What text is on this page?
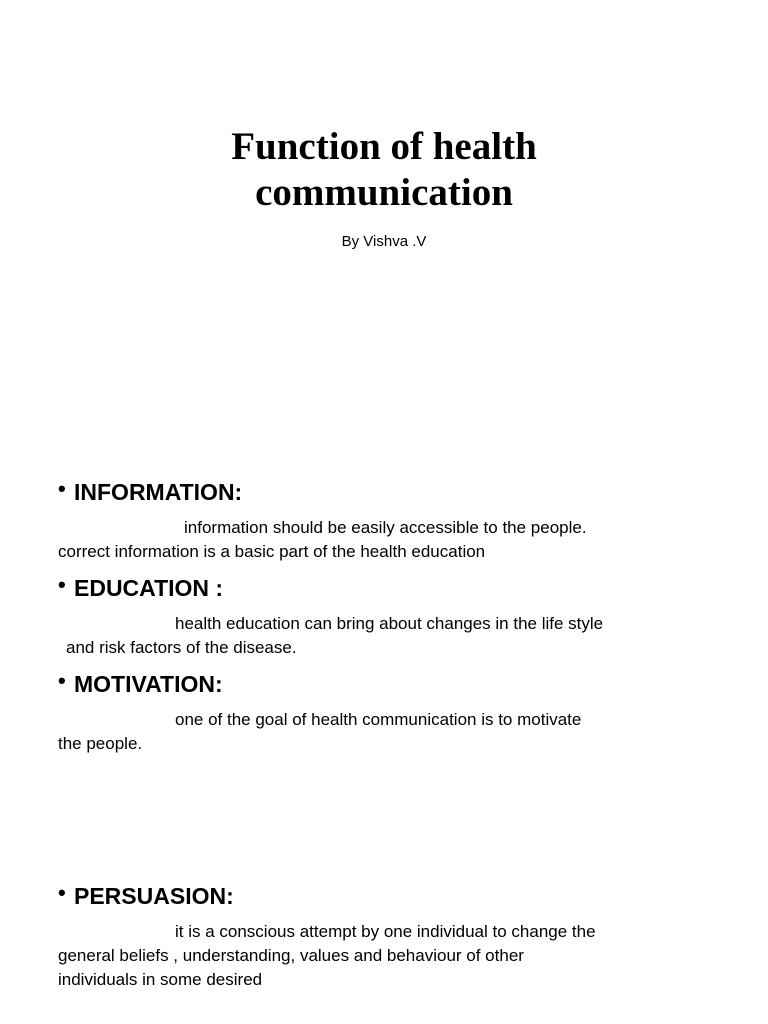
Function of health
communication
By Vishva .V
• INFORMATION:

information should be easily accessible to the people.
correct information is a basic part of the health education

• EDUCATION :

health education can bring about changes in the life style
and risk factors of the disease.

• MOTIVATION:

one of the goal of health communication is to motivate
the people.

• PERSUASION:

it is a conscious attempt by one individual to change the
general beliefs , understanding, values and behaviour of other
individuals in some desired
